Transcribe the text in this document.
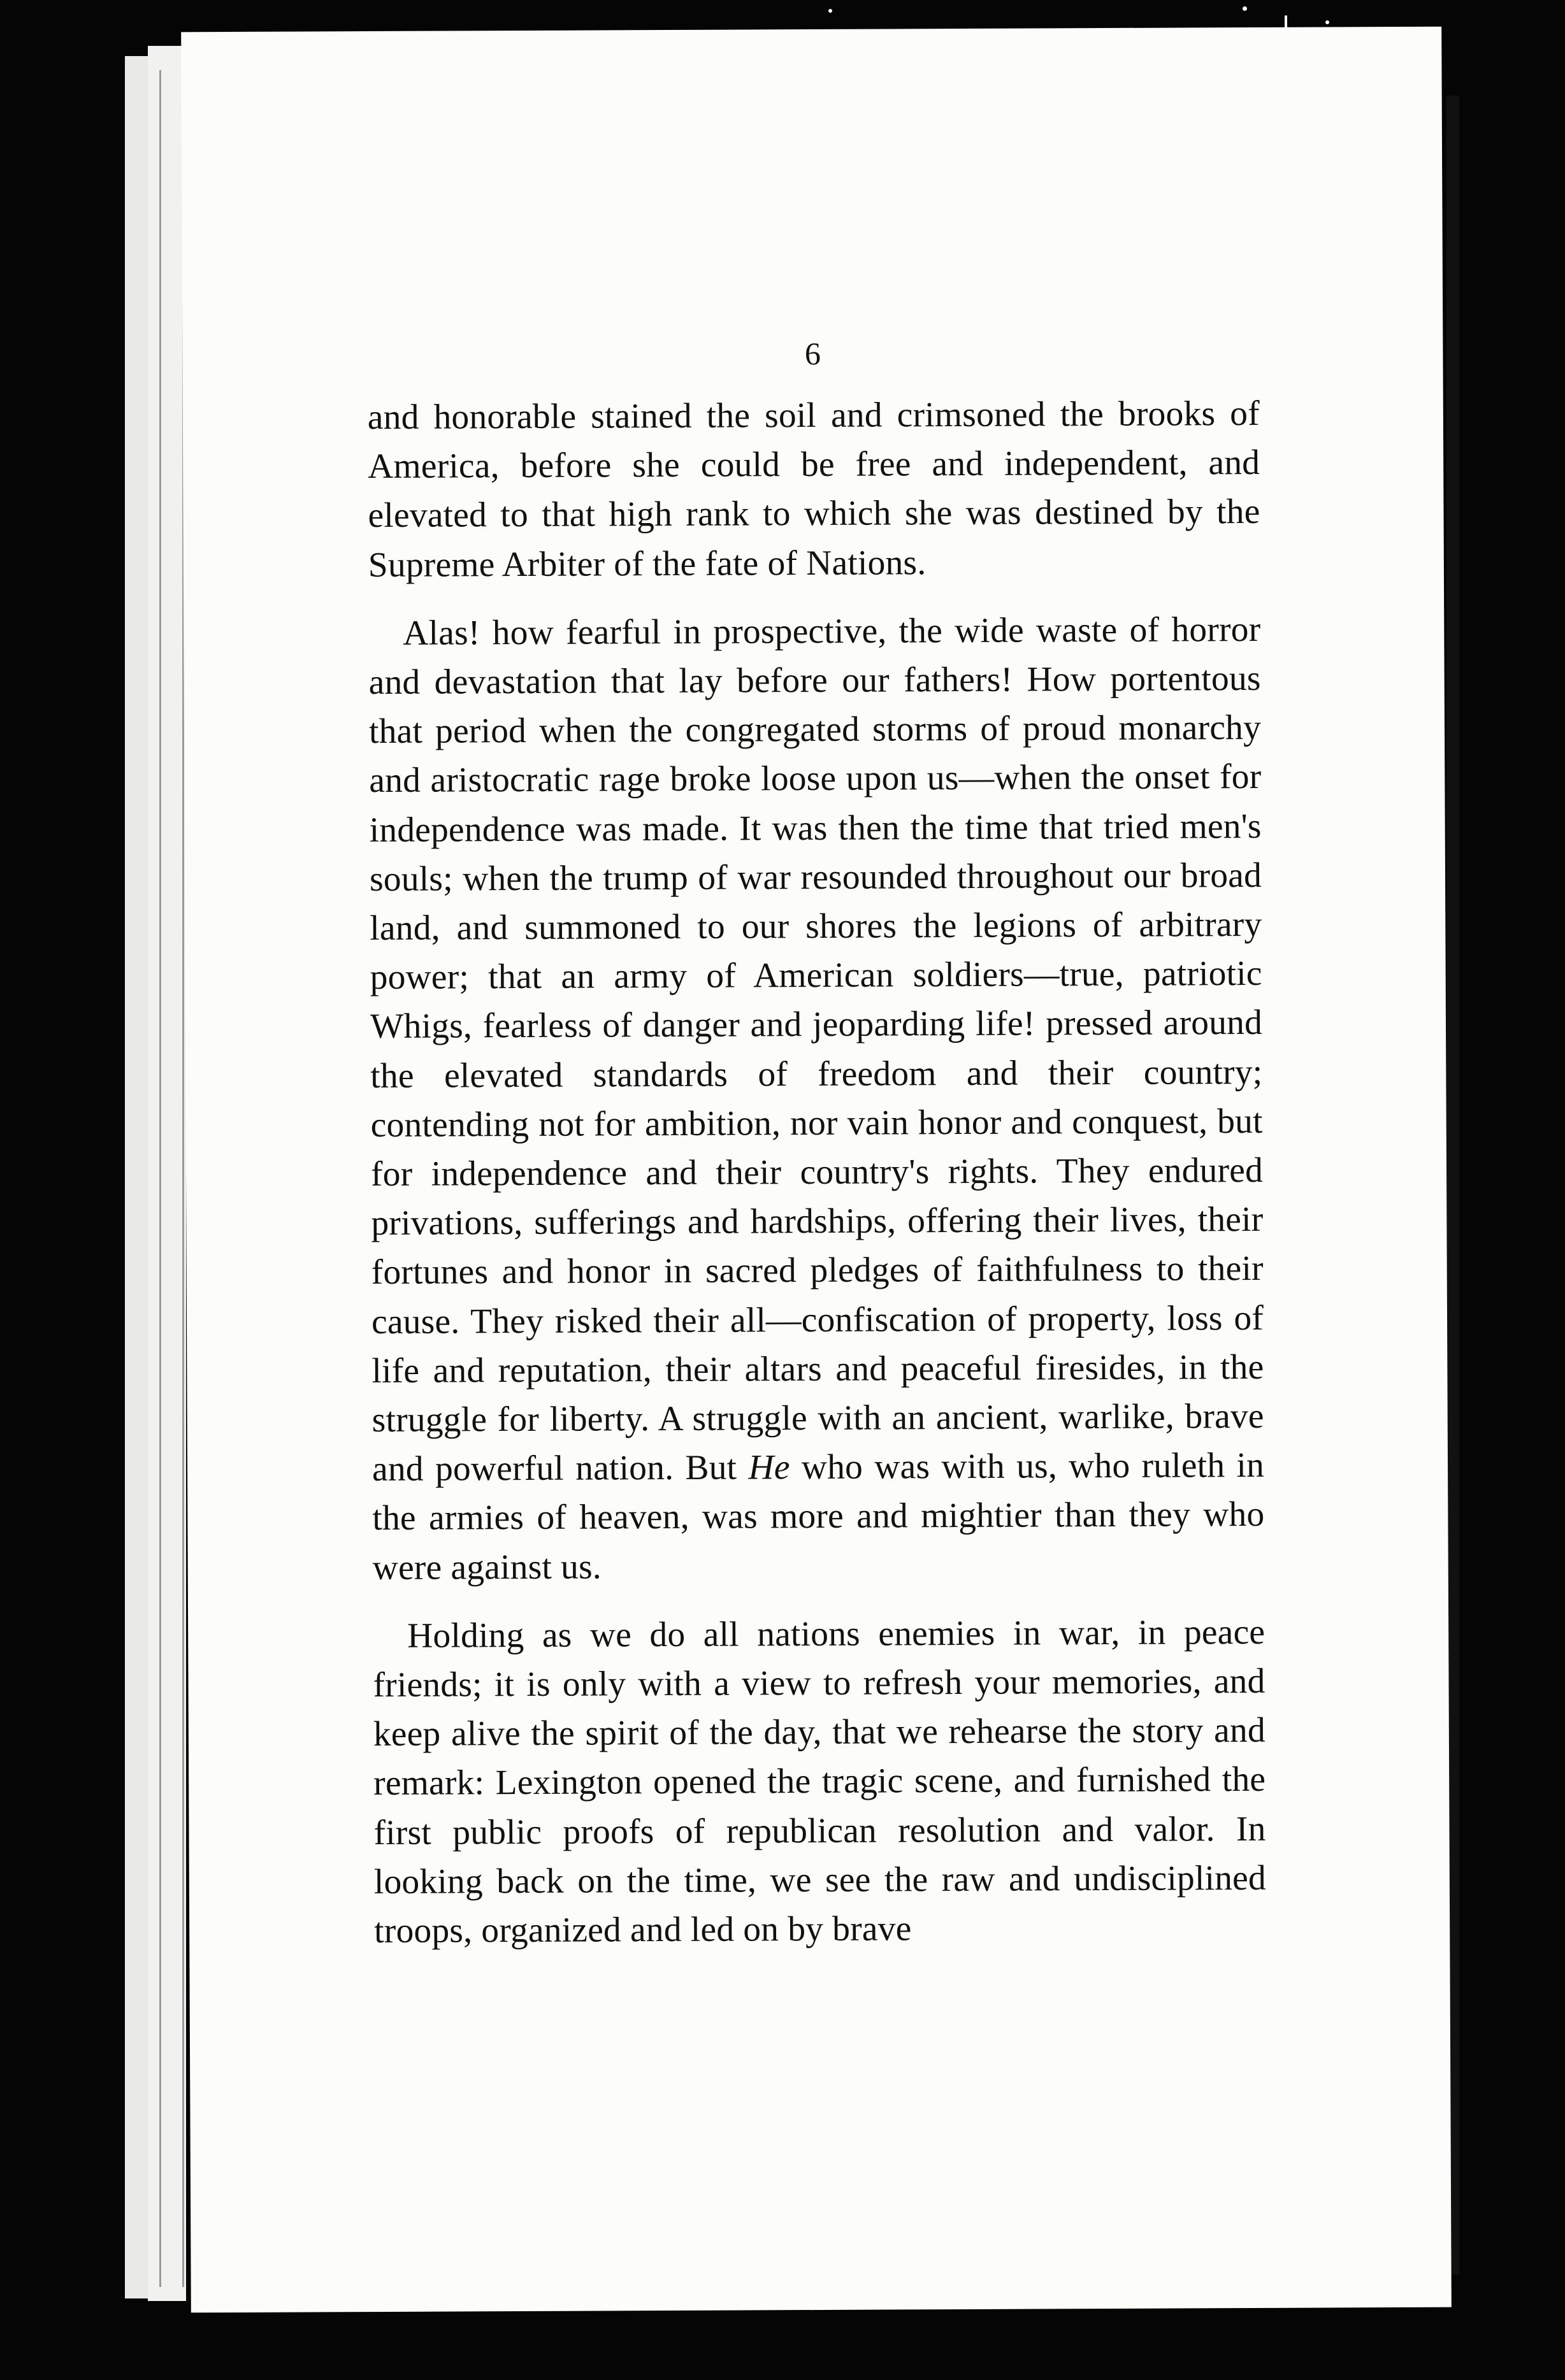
6

and honorable stained the soil and crimsoned the brooks of America, before she could be free and independent, and elevated to that high rank to which she was destined by the Supreme Arbiter of the fate of Nations.

Alas! how fearful in prospective, the wide waste of horror and devastation that lay before our fathers! How portentous that period when the congregated storms of proud monarchy and aristocratic rage broke loose upon us—when the onset for independence was made. It was then the time that tried men's souls; when the trump of war resounded throughout our broad land, and summoned to our shores the legions of arbitrary power; that an army of American soldiers—true, patriotic Whigs, fearless of danger and jeoparding life! pressed around the elevated standards of freedom and their country; contending not for ambition, nor vain honor and conquest, but for independence and their country's rights. They endured privations, sufferings and hardships, offering their lives, their fortunes and honor in sacred pledges of faithfulness to their cause. They risked their all—confiscation of property, loss of life and reputation, their altars and peaceful firesides, in the struggle for liberty. A struggle with an ancient, warlike, brave and powerful nation. But He who was with us, who ruleth in the armies of heaven, was more and mightier than they who were against us.

Holding as we do all nations enemies in war, in peace friends; it is only with a view to refresh your memories, and keep alive the spirit of the day, that we rehearse the story and remark: Lexington opened the tragic scene, and furnished the first public proofs of republican resolution and valor. In looking back on the time, we see the raw and undisciplined troops, organized and led on by brave
